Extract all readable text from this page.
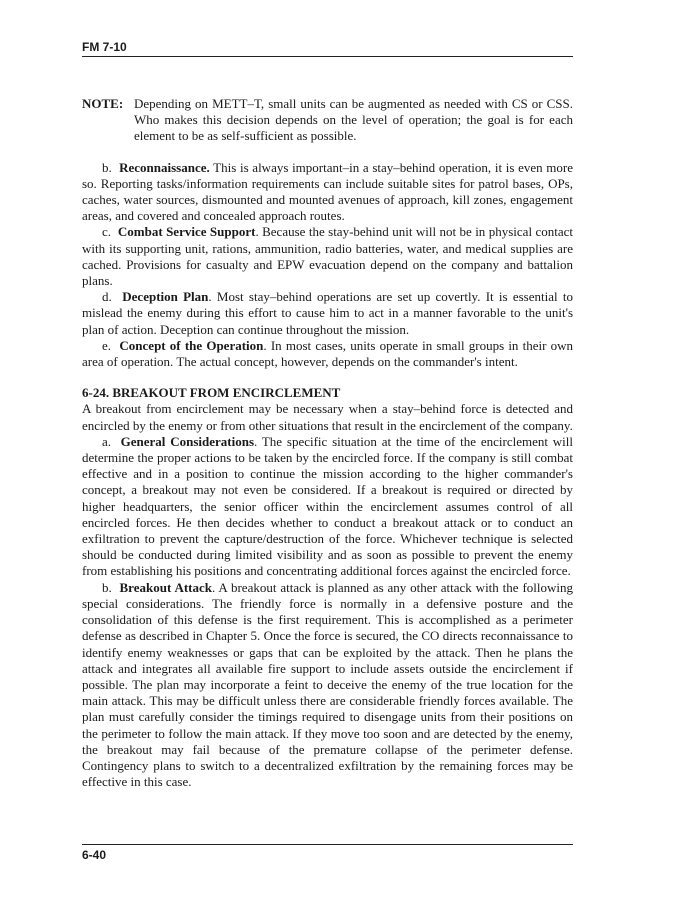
FM 7-10
NOTE: Depending on METT–T, small units can be augmented as needed with CS or CSS. Who makes this decision depends on the level of operation; the goal is for each element to be as self-sufficient as possible.

b. Reconnaissance. This is always important–in a stay–behind operation, it is even more so. Reporting tasks/information requirements can include suitable sites for patrol bases, OPs, caches, water sources, dismounted and mounted avenues of approach, kill zones, engagement areas, and covered and concealed approach routes.

c. Combat Service Support. Because the stay-behind unit will not be in physical contact with its supporting unit, rations, ammunition, radio batteries, water, and medical supplies are cached. Provisions for casualty and EPW evacuation depend on the company and battalion plans.

d. Deception Plan. Most stay–behind operations are set up covertly. It is essential to mislead the enemy during this effort to cause him to act in a manner favorable to the unit's plan of action. Deception can continue throughout the mission.

e. Concept of the Operation. In most cases, units operate in small groups in their own area of operation. The actual concept, however, depends on the commander's intent.

6-24. BREAKOUT FROM ENCIRCLEMENT

A breakout from encirclement may be necessary when a stay–behind force is detected and encircled by the enemy or from other situations that result in the encirclement of the company.

a. General Considerations. The specific situation at the time of the encirclement will determine the proper actions to be taken by the encircled force. If the company is still combat effective and in a position to continue the mission according to the higher commander's concept, a breakout may not even be considered. If a breakout is required or directed by higher headquarters, the senior officer within the encirclement assumes control of all encircled forces. He then decides whether to conduct a breakout attack or to conduct an exfiltration to prevent the capture/destruction of the force. Whichever technique is selected should be conducted during limited visibility and as soon as possible to prevent the enemy from establishing his positions and concentrating additional forces against the encircled force.

b. Breakout Attack. A breakout attack is planned as any other attack with the following special considerations. The friendly force is normally in a defensive posture and the consolidation of this defense is the first requirement. This is accomplished as a perimeter defense as described in Chapter 5. Once the force is secured, the CO directs reconnaissance to identify enemy weaknesses or gaps that can be exploited by the attack. Then he plans the attack and integrates all available fire support to include assets outside the encirclement if possible. The plan may incorporate a feint to deceive the enemy of the true location for the main attack. This may be difficult unless there are considerable friendly forces available. The plan must carefully consider the timings required to disengage units from their positions on the perimeter to follow the main attack. If they move too soon and are detected by the enemy, the breakout may fail because of the premature collapse of the perimeter defense. Contingency plans to switch to a decentralized exfiltration by the remaining forces may be effective in this case.

6-40
